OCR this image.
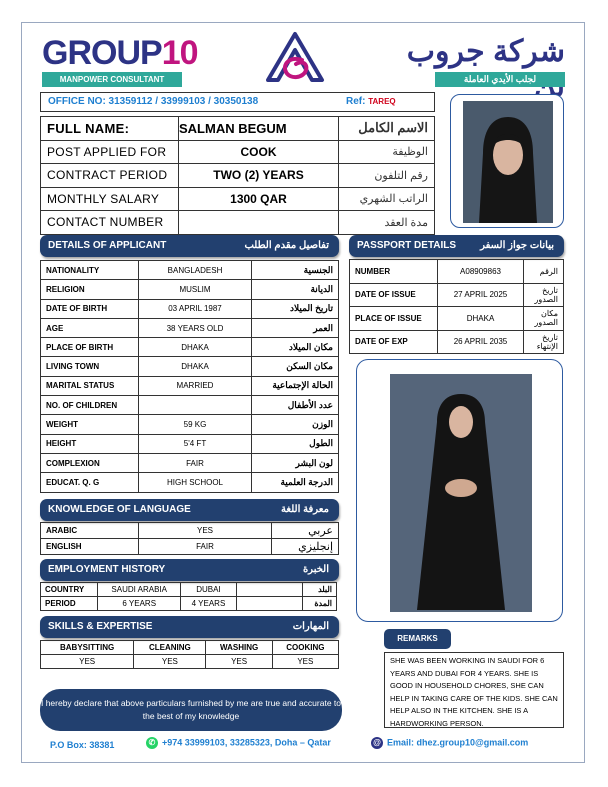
GROUP10
MANPOWER CONSULTANT
شركة جروب
لجلب الأيدي العاملة
OFFICE NO: 31359112 / 33999103 / 30350138	Ref: TAREQ
FULL NAME:	SALMAN BEGUM	الاسم الكامل
POST APPLIED FOR	COOK	الوظيفة
CONTRACT PERIOD	TWO (2) YEARS	رقم التلفون
MONTHLY SALARY	1300 QAR	الراتب الشهري
CONTACT NUMBER		مدة العقد
DETAILS OF APPLICANT	تفاصيل مقدم الطلب
NATIONALITY	BANGLADESH	الجنسية
RELIGION	MUSLIM	الديانة
DATE OF BIRTH	03 APRIL 1987	تاريخ الميلاد
AGE	38 YEARS OLD	العمر
PLACE OF BIRTH	DHAKA	مكان الميلاد
LIVING TOWN	DHAKA	مكان السكن
MARITAL STATUS	MARRIED	الحالة الإجتماعية
NO. OF CHILDREN		عدد الأطفال
WEIGHT	59 KG	الوزن
HEIGHT	5'4 FT	الطول
COMPLEXION	FAIR	لون البشر
EDUCAT. Q. G	HIGH SCHOOL	الدرجة العلمية
PASSPORT DETAILS بيانات جواز السفر
NUMBER	A08909863	الرقم
DATE OF ISSUE	27 APRIL 2025	تاريخ الصدور
PLACE OF ISSUE	DHAKA	مكان الصدور
DATE OF EXP	26 APRIL 2035	تاريخ الإنتهاء
KNOWLEDGE OF LANGUAGE	معرفة اللغة
ARABIC	YES	عربي
ENGLISH	FAIR	إنجليزي
EMPLOYMENT HISTORY	الخبرة
COUNTRY	SAUDI ARABIA	DUBAI		البلد
PERIOD	6 YEARS	4 YEARS		المدة
SKILLS & EXPERTISE	المهارات
BABYSITTING	CLEANING	WASHING	COOKING
YES	YES	YES	YES
REMARKS
SHE WAS BEEN WORKING IN SAUDI FOR 6 YEARS AND DUBAI FOR 4 YEARS. SHE IS GOOD IN HOUSEHOLD CHORES, SHE CAN HELP IN TAKING CARE OF THE KIDS. SHE CAN HELP ALSO IN THE KITCHEN. SHE IS A HARDWORKING PERSON.
I hereby declare that above particulars furnished by me are true and accurate to the best of my knowledge
P.O Box: 38381	✆ +974 33999103, 33285323, Doha – Qatar	@ Email: dhez.group10@gmail.com
